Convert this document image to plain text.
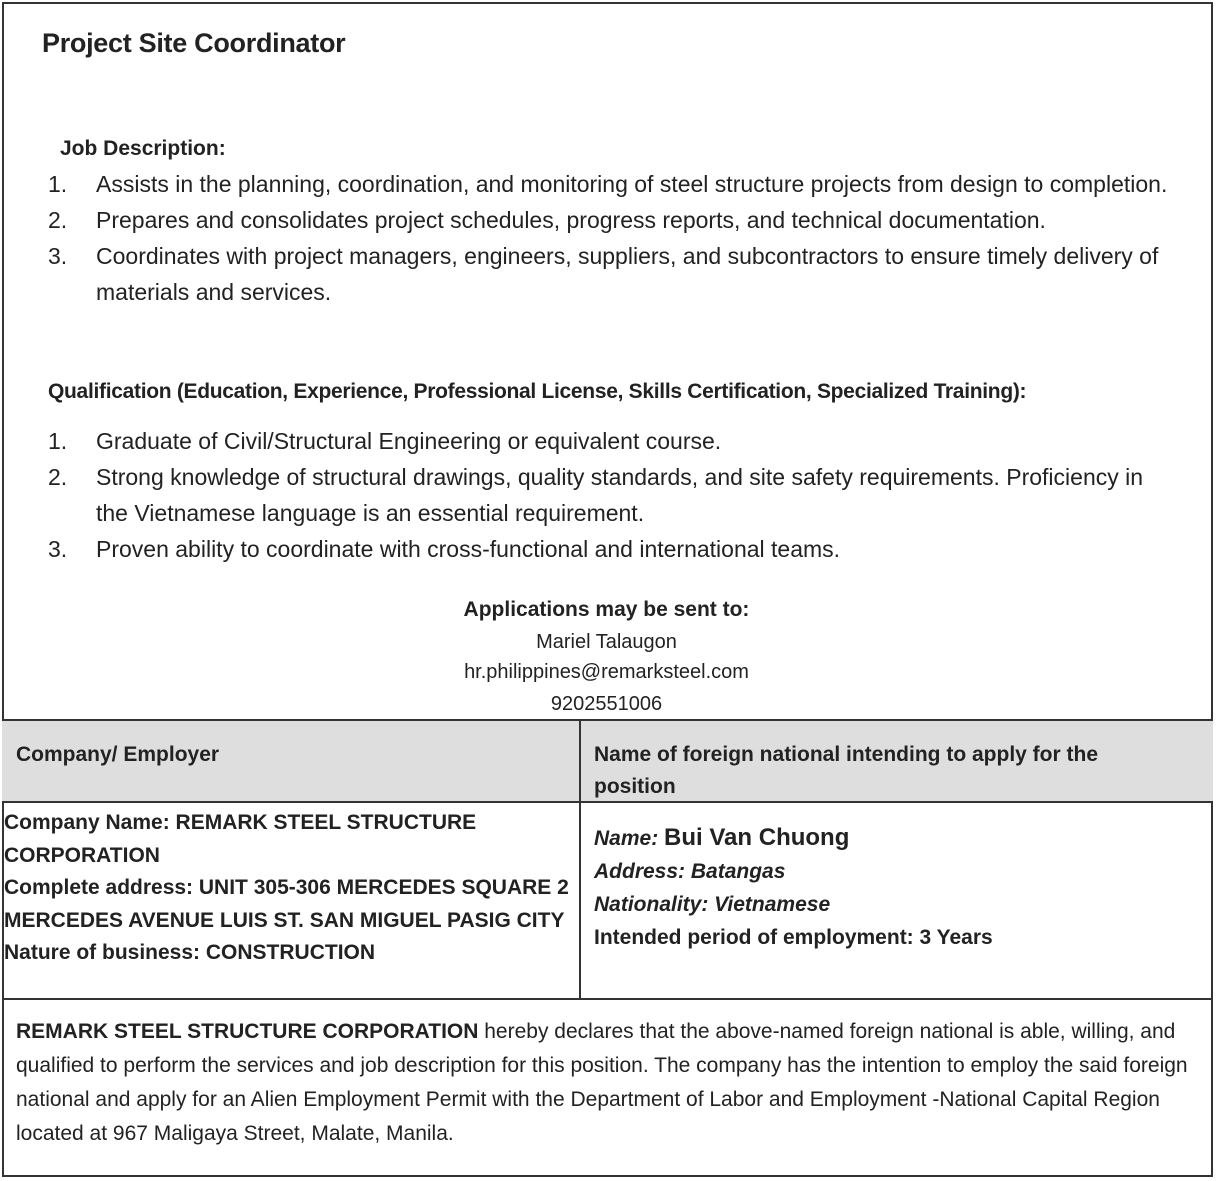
Project Site Coordinator
Job Description:
1. Assists in the planning, coordination, and monitoring of steel structure projects from design to completion.
2. Prepares and consolidates project schedules, progress reports, and technical documentation.
3. Coordinates with project managers, engineers, suppliers, and subcontractors to ensure timely delivery of materials and services.
Qualification (Education, Experience, Professional License, Skills Certification, Specialized Training):
1. Graduate of Civil/Structural Engineering or equivalent course.
2. Strong knowledge of structural drawings, quality standards, and site safety requirements. Proficiency in the Vietnamese language is an essential requirement.
3. Proven ability to coordinate with cross-functional and international teams.
Applications may be sent to:
Mariel Talaugon
hr.philippines@remarksteel.com
9202551006
Company/ Employer	Name of foreign national intending to apply for the position
Company Name: REMARK STEEL STRUCTURE CORPORATION
Complete address: UNIT 305-306 MERCEDES SQUARE 2 MERCEDES AVENUE LUIS ST. SAN MIGUEL PASIG CITY
Nature of business: CONSTRUCTION
Name: Bui Van Chuong
Address: Batangas
Nationality: Vietnamese
Intended period of employment: 3 Years
REMARK STEEL STRUCTURE CORPORATION hereby declares that the above-named foreign national is able, willing, and qualified to perform the services and job description for this position. The company has the intention to employ the said foreign national and apply for an Alien Employment Permit with the Department of Labor and Employment -National Capital Region located at 967 Maligaya Street, Malate, Manila.
